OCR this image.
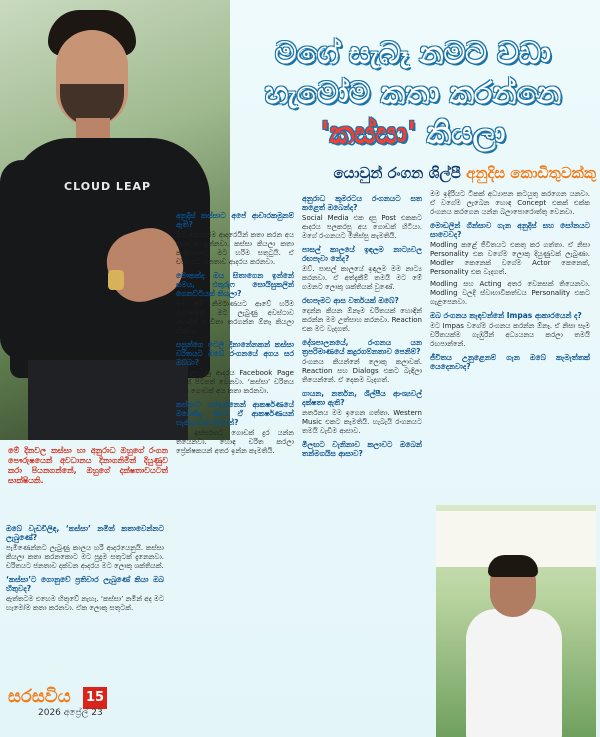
CLOUD LEAP
මගේ සැබෑ නමට වඩා
හැමෝම කතා කරන්නෙ
'කස්සා' කියලා
යොවුන් රංගන ශිල්පී අනුදිස කොඩිතුවක්කු
මේ දිනවල කස්සා හා අනුරාධ ඔහුගේ රංගන පෞරුෂයෙන් අවධානය දිනාගනිමින් දියුණුව කරා පියනගන්නේ, ඔහුගේ දක්ෂතාවයටත් සාක්ෂියකි.

ඔබේ වැඩවිලිඳ, ‘කස්සා’ නමින් කතාවෙන්නට ලැබුණේ?

පැමිණෙන්නට ලැබුණු කාලය හරි ආදරයෙනුයි. කස්සා කියලා කතා කරනකොට මට පුදුම සතුටක් දැනෙනවා. චරිතයට ජනතාව දක්වන ආදරය මට ලොකු ශක්තියක්.

‘කස්සා’ට ගොනුවේ ප්‍රතිචාර ලැබුණේ කියා ඔබ හිතුවද?

ඇත්තටම එහෙම හිතුවේ නැහැ. ‘කස්සා’ නමින් අද මට හැමෝම කතා කරනවා. ඒක ලොකු සතුටක්.

අනුදිස් කස්සාට අපේ ආචාරකමුනම් ඇති?

මට කොරන්ම ආදරෙයින් කතා කරන අය ගොඩක් ඉන්නවා. කස්සා කියලා කතා කරනකොට මට හරිම සතුටුයි. ඒ චරිතයට ජනතාව ආදරය කරනවා.

මොකක්ද ඔය සිතාගෙන ඉන්නේ සමය, එතුරුෆ සොයිසුකලින් ගෙනට්ටියක් කියලා?

මම මේ නිර්මාණයට ආවේ හරිම ආසාවෙන්. මට ලැබුණු අවස්ථාව හොඳින් භාවිතා කරගන්න ඕනෑ කියලා හිතුවා.

සසුන්ගෙ ටෙලි දිනානේනකන් කස්සා චරිතයට ඔබේ රංගනයේ අගය සර ඔබ්බා?

මට ලැබුණු ආදරය Facebook Page එකේ පිටපත් වෙනවා. ‘කස්සා’ චරිතය ගැන ගොඩක් අය කතා කරනවා.

කස්සාට හරඉන්නෙන් ආකර්ෂණයේ ඔබෙකිදා. ඔබට ඒ ආකර්ෂණයන් හැකියාවන් ඔබෙන්?

මට ඉස්සරහට ගොඩක් දුර යන්න තියෙනවා. හොඳ චරිත කරලා ප්‍රේක්ෂකයන් අතර ඉන්න කැමතියි.

අනුරාධ කුමරටය රංගනයට සත කළෙත් ඔබෙන්ද?

Social Media එක දාපු Post එකකට ආදරය පලකරපු අය ගොඩක් හිටියා. මගේ රංගනයට මිනිස්සු කැමතියි.

පාසල් කාලයේ ඉඳලම නාට්‍යවල රඟපෑවා නේද?

ඔව්. පාසල් කාලයේ ඉඳලම මම නාට්‍ය කරනවා. ඒ අත්දැකීම් තමයි මට මේ ගමනට ලොකු ශක්තියක් වුණේ.

රඟපෑමට ආස වර්තයක් ඔබේ?

දෙන්න කියන ඕනෑම චරිතයක් හොඳින් කරන්න මම උත්සාහ කරනවා. Reaction එක මට වැදගත්.

දේශපාලනයේ, රංගනය යන ත්‍රපරිමාණයේ කදුරගම්නතාව පෙනිම්?

රංගනය කියන්නේ ලොකු කලාවක්. Reaction සහ Dialogs එකට බැඳිලා තියෙන්නේ. ඒ දෙකම වැදගත්.

ගායන, නර්තන, ශිල්පීය ආංශ්‍යවල් දක්ෂතා ඇති?

නර්තනය මම ඉගෙන ගත්තා. Western Music එකට කැමතියි. හැබැයි රංගනයට තමයි වැඩිම ආසාව.

මීලඟට වැනිනාව කලාවට ඔබෙන් තන්මගයිස ආසාව?

මම ඉදිරියට ටිකක් අධ්‍යාපන කටයුතු කරගෙන යනවා. ඒ වගේම ලැබෙන හොඳ Concept එකක් එක්ක රංගනය කරගෙන යන්න බලාපොරොත්තු වෙනවා.

මොඩලින් ගින්සාව ගැන අනුදිස් සහ සෝනයට සාවෙවද?

Modling කළේ ජීවිතයට එකතු කර ගත්තා. ඒ නිසා Personality එක වගේම ලොකු දියුණුවක් ලැබුණා. Modler කෙනෙක් වගේම Actor කෙනෙක්, Personality එක වැදගත්.

Modling සහ Acting අතර වෙනසක් තියෙනවා. Modling වලදී ස්වාභාවිකත්වය Personality එකට ගැළපෙනවා.

ඔබ රංගනය කැඳවන්නේ Impas ආකාරයෙන් ද?

මට Impas වගේම රංගනය කරන්න ඕනෑ. ඒ නිසා සෑම චරිතයක්ම ගැඹුරින් අධ්‍යයනය කරලා තමයි රඟපාන්නේ.

ජීවිතය උනුළෙනම් ගැන ඔබේ කැමැත්තක් යෙදෙනවාද?

සරසවිය 15
2026 අප්‍රේල් 23
